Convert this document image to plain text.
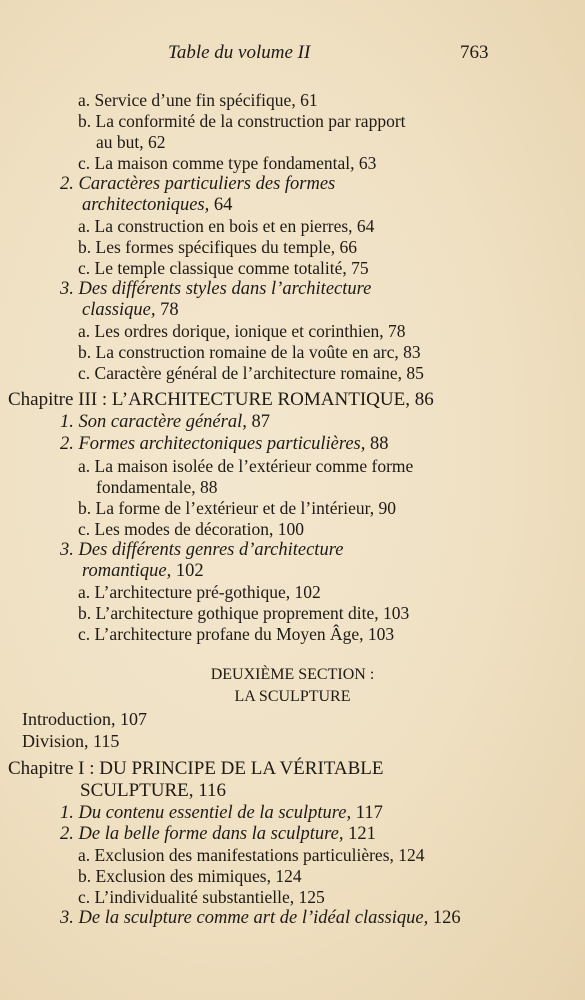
Table du volume II	763
a. Service d’une fin spécifique, 61
b. La conformité de la construction par rapport
au but, 62
c. La maison comme type fondamental, 63
2. Caractères particuliers des formes
architectoniques, 64
a. La construction en bois et en pierres, 64
b. Les formes spécifiques du temple, 66
c. Le temple classique comme totalité, 75
3. Des différents styles dans l’architecture
classique, 78
a. Les ordres dorique, ionique et corinthien, 78
b. La construction romaine de la voûte en arc, 83
c. Caractère général de l’architecture romaine, 85
Chapitre III : L’ARCHITECTURE ROMANTIQUE, 86
1. Son caractère général, 87
2. Formes architectoniques particulières, 88
a. La maison isolée de l’extérieur comme forme
fondamentale, 88
b. La forme de l’extérieur et de l’intérieur, 90
c. Les modes de décoration, 100
3. Des différents genres d’architecture
romantique, 102
a. L’architecture pré-gothique, 102
b. L’architecture gothique proprement dite, 103
c. L’architecture profane du Moyen Âge, 103
DEUXIÈME SECTION :
LA SCULPTURE
Introduction, 107
Division, 115
Chapitre I : DU PRINCIPE DE LA VÉRITABLE
SCULPTURE, 116
1. Du contenu essentiel de la sculpture, 117
2. De la belle forme dans la sculpture, 121
a. Exclusion des manifestations particulières, 124
b. Exclusion des mimiques, 124
c. L’individualité substantielle, 125
3. De la sculpture comme art de l’idéal classique, 126
